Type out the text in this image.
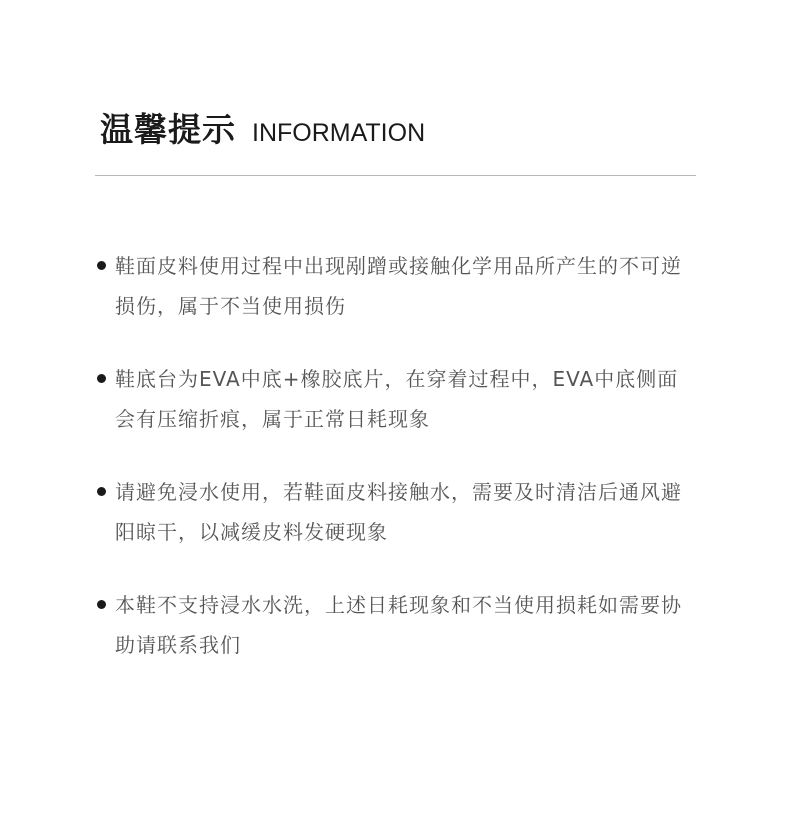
温馨提示 INFORMATION
鞋面皮料使用过程中出现剐蹭或接触化学用品所产生的不可逆损伤，属于不当使用损伤
鞋底台为EVA中底+橡胶底片，在穿着过程中，EVA中底侧面会有压缩折痕，属于正常日耗现象
请避免浸水使用，若鞋面皮料接触水，需要及时清洁后通风避阳晾干，以减缓皮料发硬现象
本鞋不支持浸水水洗，上述日耗现象和不当使用损耗如需要协助请联系我们
